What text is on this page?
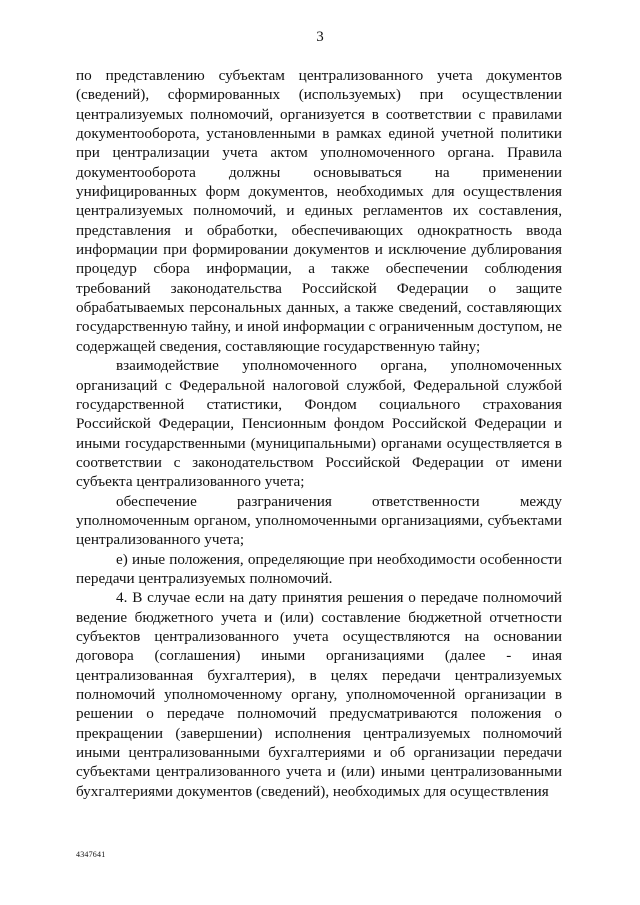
3

по представлению субъектам централизованного учета документов (сведений), сформированных (используемых) при осуществлении централизуемых полномочий, организуется в соответствии с правилами документооборота, установленными в рамках единой учетной политики при централизации учета актом уполномоченного органа. Правила документооборота должны основываться на применении унифицированных форм документов, необходимых для осуществления централизуемых полномочий, и единых регламентов их составления, представления и обработки, обеспечивающих однократность ввода информации при формировании документов и исключение дублирования процедур сбора информации, а также обеспечении соблюдения требований законодательства Российской Федерации о защите обрабатываемых персональных данных, а также сведений, составляющих государственную тайну, и иной информации с ограниченным доступом, не содержащей сведения, составляющие государственную тайну;

взаимодействие уполномоченного органа, уполномоченных организаций с Федеральной налоговой службой, Федеральной службой государственной статистики, Фондом социального страхования Российской Федерации, Пенсионным фондом Российской Федерации и иными государственными (муниципальными) органами осуществляется в соответствии с законодательством Российской Федерации от имени субъекта централизованного учета;

обеспечение разграничения ответственности между уполномоченным органом, уполномоченными организациями, субъектами централизованного учета;

е) иные положения, определяющие при необходимости особенности передачи централизуемых полномочий.

4. В случае если на дату принятия решения о передаче полномочий ведение бюджетного учета и (или) составление бюджетной отчетности субъектов централизованного учета осуществляются на основании договора (соглашения) иными организациями (далее - иная централизованная бухгалтерия), в целях передачи централизуемых полномочий уполномоченному органу, уполномоченной организации в решении о передаче полномочий предусматриваются положения о прекращении (завершении) исполнения централизуемых полномочий иными централизованными бухгалтериями и об организации передачи субъектами централизованного учета и (или) иными централизованными бухгалтериями документов (сведений), необходимых для осуществления

4347641
